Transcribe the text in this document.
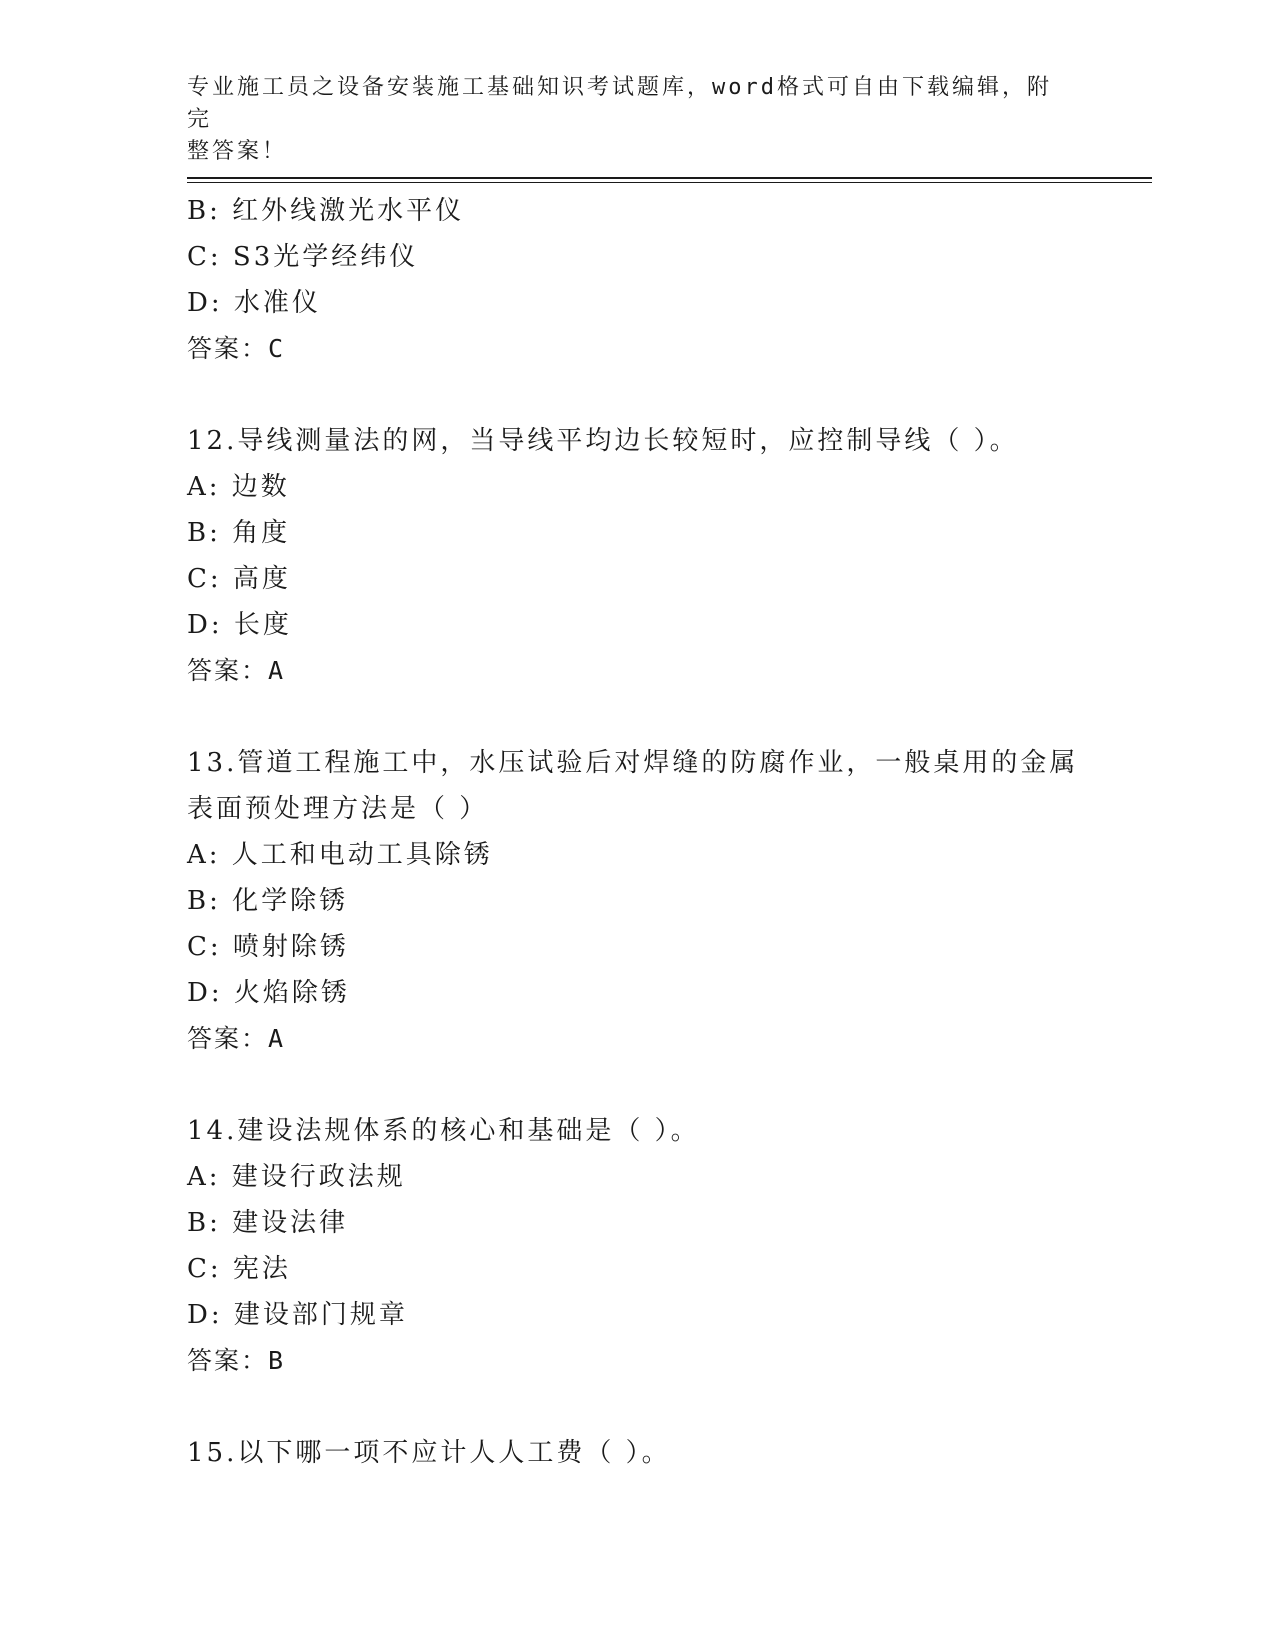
专业施工员之设备安装施工基础知识考试题库，word格式可自由下载编辑，附完
整答案！
B: 红外线激光水平仪
C: S3光学经纬仪
D: 水准仪
答案：C
12.导线测量法的网，当导线平均边长较短时，应控制导线（ ）。
A: 边数
B: 角度
C: 高度
D: 长度
答案：A
13.管道工程施工中，水压试验后对焊缝的防腐作业，一般桌用的金属
表面预处理方法是（ ）
A: 人工和电动工具除锈
B: 化学除锈
C: 喷射除锈
D: 火焰除锈
答案：A
14.建设法规体系的核心和基础是（ ）。
A: 建设行政法规
B: 建设法律
C: 宪法
D: 建设部门规章
答案：B
15.以下哪一项不应计人人工费（ ）。
